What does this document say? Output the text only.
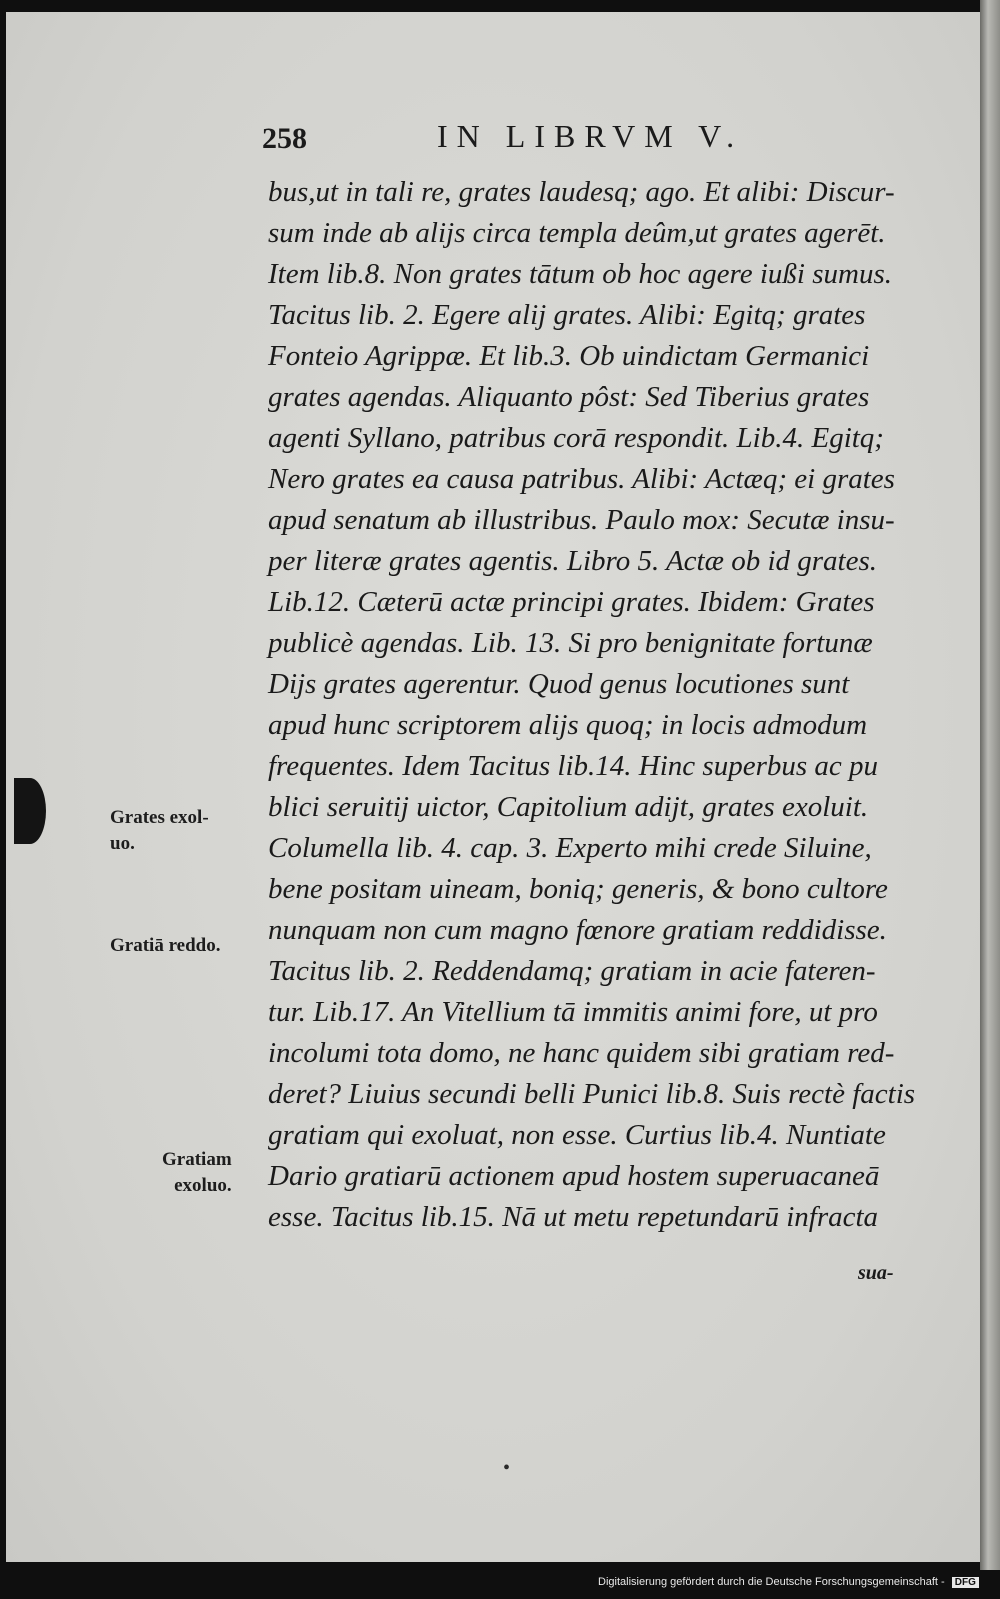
258	IN LIBRVM V.
bus,ut in tali re, grates laudesq; ago. Et alibi: Discur-
sum inde ab alijs circa templa deûm,ut grates agerēt.
Item lib.8. Non grates tātum ob hoc agere iußi sumus.
Tacitus lib. 2. Egere alij grates. Alibi: Egitq; grates
Fonteio Agrippæ. Et lib.3. Ob uindictam Germanici
grates agendas. Aliquanto pôst: Sed Tiberius grates
agenti Syllano, patribus corā respondit. Lib.4. Egitq;
Nero grates ea causa patribus. Alibi: Actæq; ei grates
apud senatum ab illustribus. Paulo mox: Secutæ insu-
per literæ grates agentis. Libro 5. Actæ ob id grates.
Lib.12. Cæterū actæ principi grates. Ibidem: Grates
publicè agendas. Lib. 13. Si pro benignitate fortunæ
Dijs grates agerentur. Quod genus locutiones sunt
apud hunc scriptorem alijs quoq; in locis admodum
frequentes. Idem Tacitus lib.14. Hinc superbus ac pu
blici seruitij uictor, Capitolium adijt, grates exoluit.
Columella lib. 4. cap. 3. Experto mihi crede Siluine,
bene positam uineam, boniq; generis, & bono cultore
nunquam non cum magno fœnore gratiam reddidisse.
Tacitus lib. 2. Reddendamq; gratiam in acie fateren-
tur. Lib.17. An Vitellium tā immitis animi fore, ut pro
incolumi tota domo, ne hanc quidem sibi gratiam red-
deret? Liuius secundi belli Punici lib.8. Suis rectè factis
gratiam qui exoluat, non esse. Curtius lib.4. Nuntiate
Dario gratiarū actionem apud hostem superuacaneā
esse. Tacitus lib.15. Nā ut metu repetundarū infracta
sua-
Grates exol-
uo.
Gratiā reddo.
Gratiam
exoluo.
•
Digitalisierung gefördert durch die Deutsche Forschungsgemeinschaft - DFG
